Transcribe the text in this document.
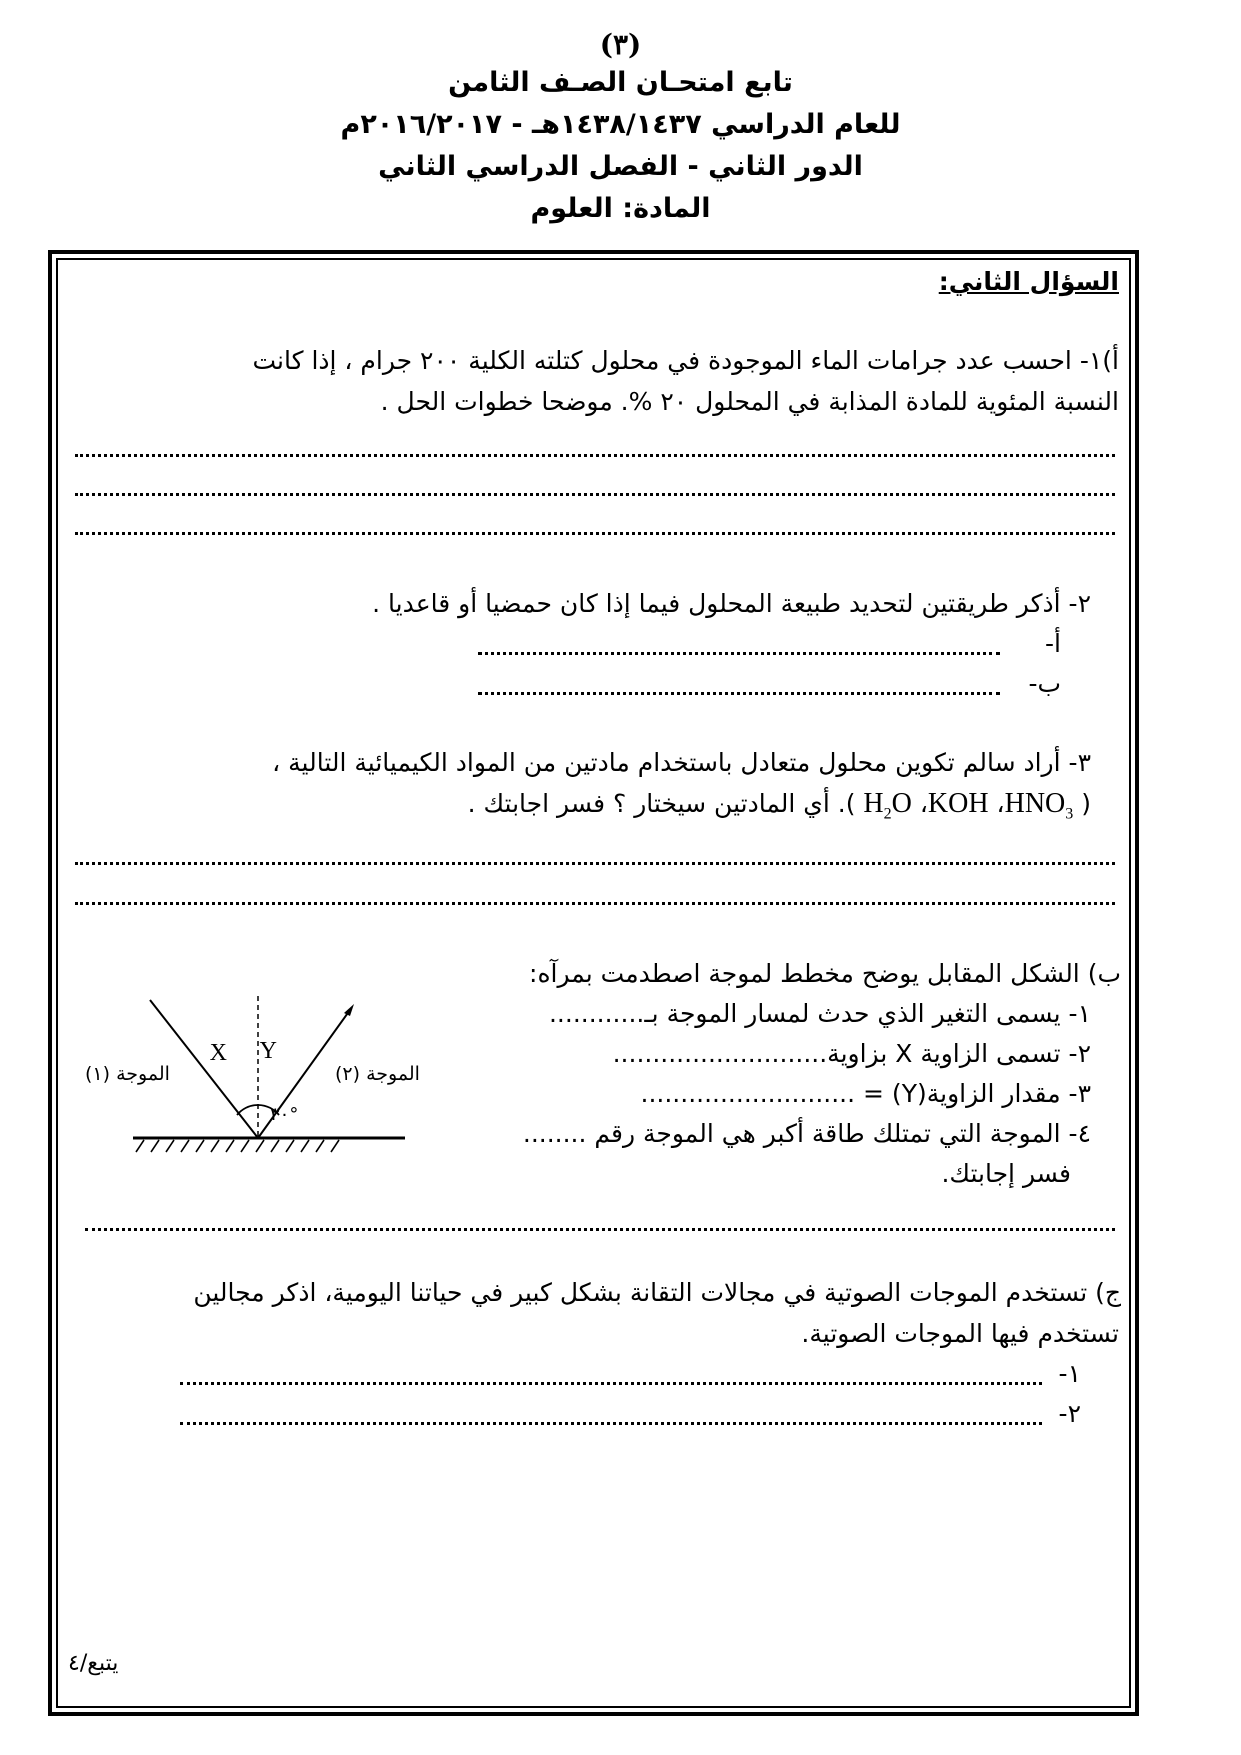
(٣)
تابع امتحـان الصـف الثامن
للعام الدراسي ١٤٣٨/١٤٣٧هـ - ٢٠١٦/٢٠١٧م
الدور الثاني - الفصل الدراسي الثاني
المادة: العلوم
السؤال الثاني:
أ)١- احسب عدد جرامات الماء الموجودة في محلول كتلته الكلية ٢٠٠ جرام ، إذا كانت
النسبة المئوية للمادة المذابة في المحلول ٢٠ %. موضحا خطوات الحل .
٢- أذكر طريقتين لتحديد طبيعة المحلول فيما إذا كان حمضيا أو قاعديا .
أ-
ب-
٣- أراد سالم تكوين محلول متعادل باستخدام مادتين من المواد الكيميائية التالية ،
( $HNO_3،$ KOH، $H_2O$ ). أي المادتين سيختار ؟ فسر اجابتك .
ب) الشكل المقابل يوضح مخطط لموجة اصطدمت بمرآه:
١- يسمى التغير الذي حدث لمسار الموجة بـ............
٢- تسمى الزاوية X بزاوية...........................
٣- مقدار الزاوية(Y) = ...........................
٤- الموجة التي تمتلك طاقة أكبر هي الموجة رقم ........
فسر إجابتك.
X Y
٣٠°
الموجة (١)	الموجة (٢)
ج) تستخدم الموجات الصوتية في مجالات التقانة بشكل كبير في حياتنا اليومية، اذكر مجالين
تستخدم فيها الموجات الصوتية.
١-
٢-
يتبع/٤
